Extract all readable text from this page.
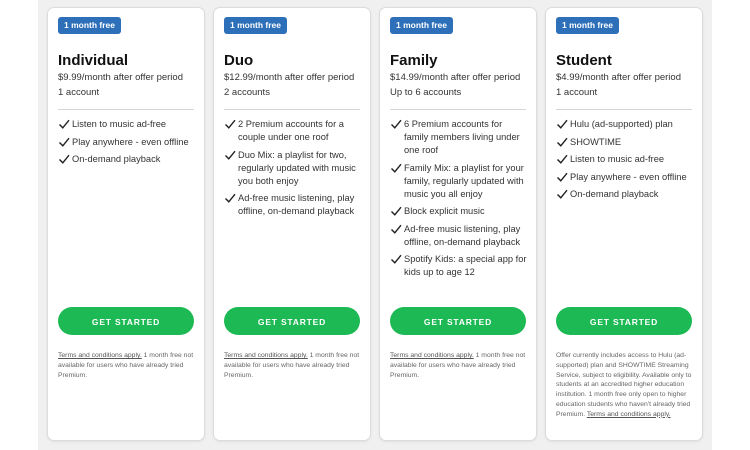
1 month free
Individual
$9.99/month after offer period
1 account
Listen to music ad-free
Play anywhere - even offline
On-demand playback
GET STARTED
Terms and conditions apply. 1 month free not available for users who have already tried Premium.
1 month free
Duo
$12.99/month after offer period
2 accounts
2 Premium accounts for a couple under one roof
Duo Mix: a playlist for two, regularly updated with music you both enjoy
Ad-free music listening, play offline, on-demand playback
GET STARTED
Terms and conditions apply. 1 month free not available for users who have already tried Premium.
1 month free
Family
$14.99/month after offer period
Up to 6 accounts
6 Premium accounts for family members living under one roof
Family Mix: a playlist for your family, regularly updated with music you all enjoy
Block explicit music
Ad-free music listening, play offline, on-demand playback
Spotify Kids: a special app for kids up to age 12
GET STARTED
Terms and conditions apply. 1 month free not available for users who have already tried Premium.
1 month free
Student
$4.99/month after offer period
1 account
Hulu (ad-supported) plan
SHOWTIME
Listen to music ad-free
Play anywhere - even offline
On-demand playback
GET STARTED
Offer currently includes access to Hulu (ad-supported) plan and SHOWTIME Streaming Service, subject to eligibility. Available only to students at an accredited higher education institution. 1 month free only open to higher education students who haven't already tried Premium. Terms and conditions apply.
